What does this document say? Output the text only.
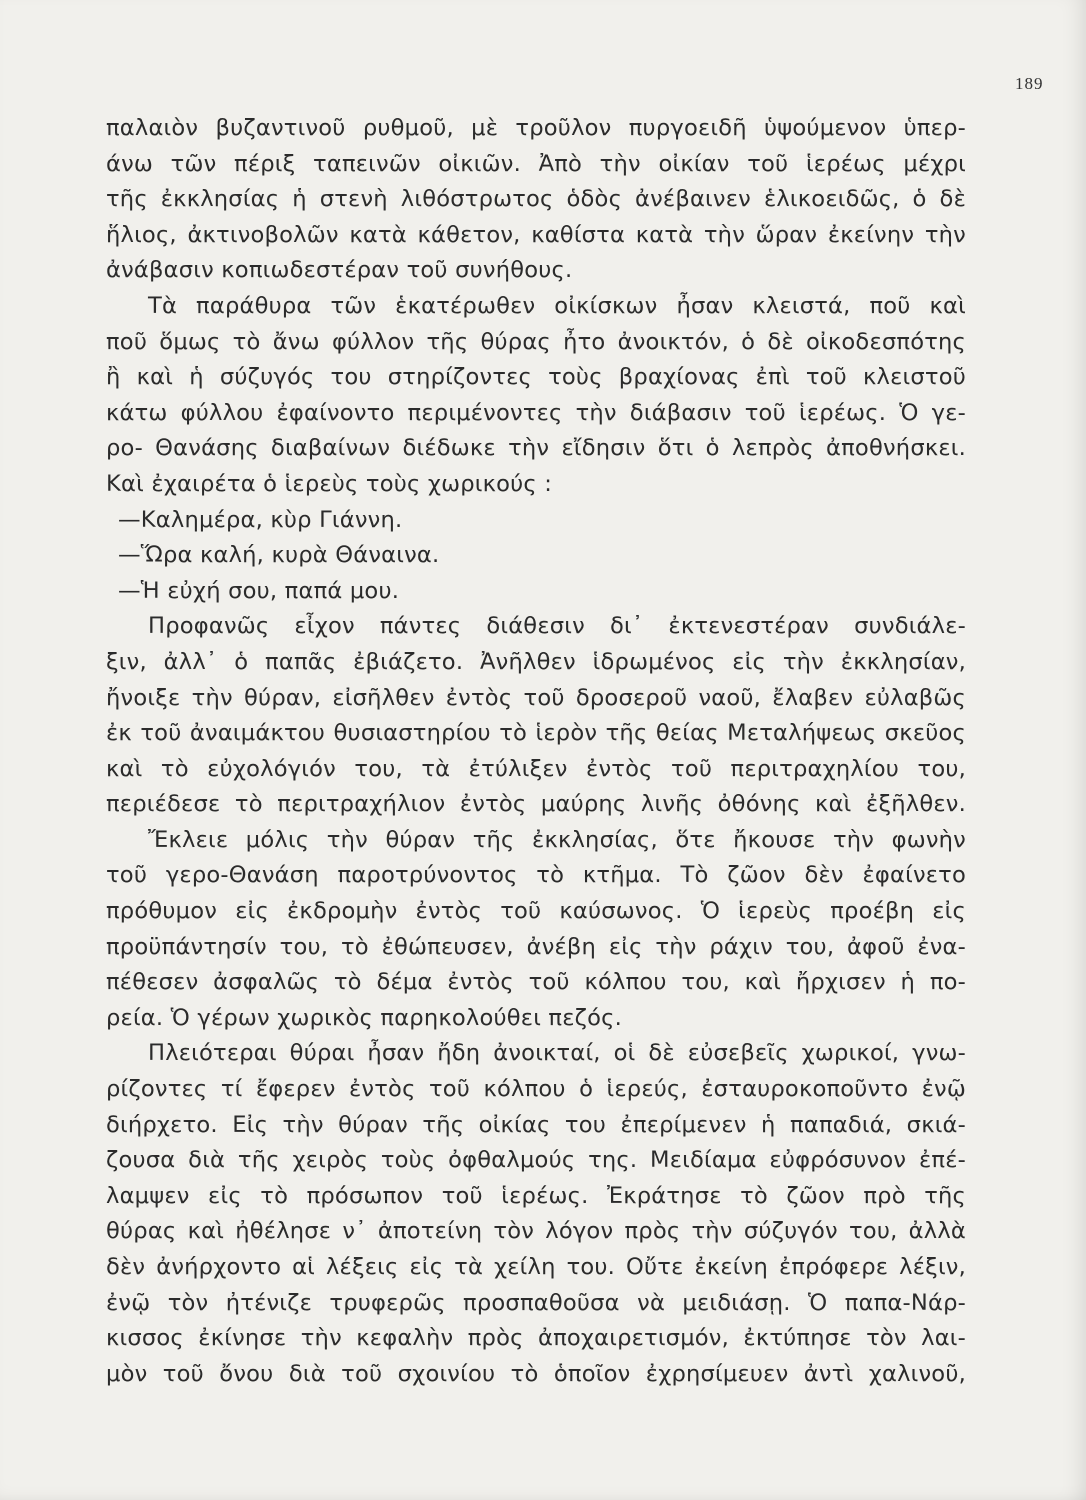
189
παλαιὸν βυζαντινοῦ ρυθμοῦ, μὲ τροῦλον πυργοειδῆ ὑψούμενον ὑπερ-
άνω τῶν πέριξ ταπεινῶν οἰκιῶν. Ἀπὸ τὴν οἰκίαν τοῦ ἱερέως μέχρι
τῆς ἐκκλησίας ἡ στενὴ λιθόστρωτος ὁδὸς ἀνέβαινεν ἑλικοειδῶς, ὁ δὲ
ἥλιος, ἀκτινοβολῶν κατὰ κάθετον, καθίστα κατὰ τὴν ὥραν ἐκείνην τὴν
ἀνάβασιν κοπιωδεστέραν τοῦ συνήθους.
Τὰ παράθυρα τῶν ἑκατέρωθεν οἰκίσκων ἦσαν κλειστά, ποῦ καὶ
ποῦ ὅμως τὸ ἄνω φύλλον τῆς θύρας ἦτο ἀνοικτόν, ὁ δὲ οἰκοδεσπότης
ἢ καὶ ἡ σύζυγός του στηρίζοντες τοὺς βραχίονας ἐπὶ τοῦ κλειστοῦ
κάτω φύλλου ἐφαίνοντο περιμένοντες τὴν διάβασιν τοῦ ἱερέως. Ὁ γε-
ρο- Θανάσης διαβαίνων διέδωκε τὴν εἴδησιν ὅτι ὁ λεπρὸς ἀποθνήσκει.
Καὶ ἐχαιρέτα ὁ ἱερεὺς τοὺς χωρικούς :
—Καλημέρα, κὺρ Γιάννη.
—Ὥρα καλή, κυρὰ Θάναινα.
—Ἡ εὐχή σου, παπά μου.
Προφανῶς εἶχον πάντες διάθεσιν δι᾽ ἐκτενεστέραν συνδιάλε-
ξιν, ἀλλ᾽ ὁ παπᾶς ἐβιάζετο. Ἀνῆλθεν ἱδρωμένος εἰς τὴν ἐκκλησίαν,
ἤνοιξε τὴν θύραν, εἰσῆλθεν ἐντὸς τοῦ δροσεροῦ ναοῦ, ἔλαβεν εὐλαβῶς
ἐκ τοῦ ἀναιμάκτου θυσιαστηρίου τὸ ἱερὸν τῆς θείας Μεταλήψεως σκεῦος
καὶ τὸ εὐχολόγιόν του, τὰ ἐτύλιξεν ἐντὸς τοῦ περιτραχηλίου του,
περιέδεσε τὸ περιτραχήλιον ἐντὸς μαύρης λινῆς ὀθόνης καὶ ἐξῆλθεν.
Ἔκλειε μόλις τὴν θύραν τῆς ἐκκλησίας, ὅτε ἤκουσε τὴν φωνὴν
τοῦ γερο-Θανάση παροτρύνοντος τὸ κτῆμα. Τὸ ζῶον δὲν ἐφαίνετο
πρόθυμον εἰς ἐκδρομὴν ἐντὸς τοῦ καύσωνος. Ὁ ἱερεὺς προέβη εἰς
προϋπάντησίν του, τὸ ἐθώπευσεν, ἀνέβη εἰς τὴν ράχιν του, ἀφοῦ ἐνα-
πέθεσεν ἀσφαλῶς τὸ δέμα ἐντὸς τοῦ κόλπου του, καὶ ἤρχισεν ἡ πο-
ρεία. Ὁ γέρων χωρικὸς παρηκολούθει πεζός.
Πλειότεραι θύραι ἦσαν ἤδη ἀνοικταί, οἱ δὲ εὐσεβεῖς χωρικοί, γνω-
ρίζοντες τί ἔφερεν ἐντὸς τοῦ κόλπου ὁ ἱερεύς, ἐσταυροκοποῦντο ἐνῷ
διήρχετο. Εἰς τὴν θύραν τῆς οἰκίας του ἐπερίμενεν ἡ παπαδιά, σκιά-
ζουσα διὰ τῆς χειρὸς τοὺς ὀφθαλμούς της. Μειδίαμα εὐφρόσυνον ἐπέ-
λαμψεν εἰς τὸ πρόσωπον τοῦ ἱερέως. Ἐκράτησε τὸ ζῶον πρὸ τῆς
θύρας καὶ ἠθέλησε ν᾽ ἀποτείνη τὸν λόγον πρὸς τὴν σύζυγόν του, ἀλλὰ
δὲν ἀνήρχοντο αἱ λέξεις εἰς τὰ χείλη του. Οὔτε ἐκείνη ἐπρόφερε λέξιν,
ἐνῷ τὸν ἠτένιζε τρυφερῶς προσπαθοῦσα νὰ μειδιάσῃ. Ὁ παπα-Νάρ-
κισσος ἐκίνησε τὴν κεφαλὴν πρὸς ἀποχαιρετισμόν, ἐκτύπησε τὸν λαι-
μὸν τοῦ ὄνου διὰ τοῦ σχοινίου τὸ ὁποῖον ἐχρησίμευεν ἀντὶ χαλινοῦ,
